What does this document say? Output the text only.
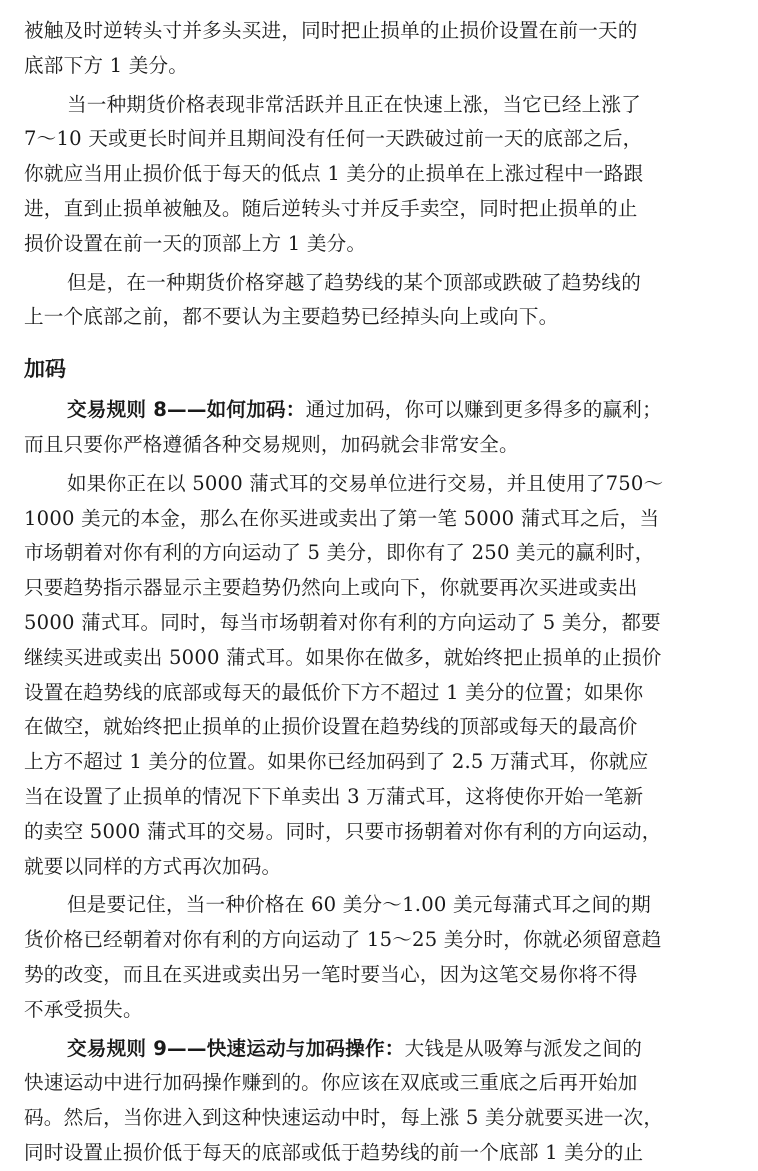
被触及时逆转头寸并多头买进，同时把止损单的止损价设置在前一天的
底部下方 1 美分。
当一种期货价格表现非常活跃并且正在快速上涨，当它已经上涨了
7～10 天或更长时间并且期间没有任何一天跌破过前一天的底部之后，
你就应当用止损价低于每天的低点 1 美分的止损单在上涨过程中一路跟
进，直到止损单被触及。随后逆转头寸并反手卖空，同时把止损单的止
损价设置在前一天的顶部上方 1 美分。
但是，在一种期货价格穿越了趋势线的某个顶部或跌破了趋势线的
上一个底部之前，都不要认为主要趋势已经掉头向上或向下。
加码
交易规则 8——如何加码：通过加码，你可以赚到更多得多的赢利；
而且只要你严格遵循各种交易规则，加码就会非常安全。
如果你正在以 5000 蒲式耳的交易单位进行交易，并且使用了750～
1000 美元的本金，那么在你买进或卖出了第一笔 5000 蒲式耳之后，当
市场朝着对你有利的方向运动了 5 美分，即你有了 250 美元的赢利时，
只要趋势指示器显示主要趋势仍然向上或向下，你就要再次买进或卖出
5000 蒲式耳。同时，每当市场朝着对你有利的方向运动了 5 美分，都要
继续买进或卖出 5000 蒲式耳。如果你在做多，就始终把止损单的止损价
设置在趋势线的底部或每天的最低价下方不超过 1 美分的位置；如果你
在做空，就始终把止损单的止损价设置在趋势线的顶部或每天的最高价
上方不超过 1 美分的位置。如果你已经加码到了 2.5 万蒲式耳，你就应
当在设置了止损单的情况下下单卖出 3 万蒲式耳，这将使你开始一笔新
的卖空 5000 蒲式耳的交易。同时，只要市扬朝着对你有利的方向运动，
就要以同样的方式再次加码。
但是要记住，当一种价格在 60 美分～1.00 美元每蒲式耳之间的期
货价格已经朝着对你有利的方向运动了 15～25 美分时，你就必须留意趋
势的改变，而且在买进或卖出另一笔时要当心，因为这笔交易你将不得
不承受损失。
交易规则 9——快速运动与加码操作：大钱是从吸筹与派发之间的
快速运动中进行加码操作赚到的。你应该在双底或三重底之后再开始加
码。然后，当你进入到这种快速运动中时，每上涨 5 美分就要买进一次，
同时设置止损价低于每天的底部或低于趋势线的前一个底部 1 美分的止
